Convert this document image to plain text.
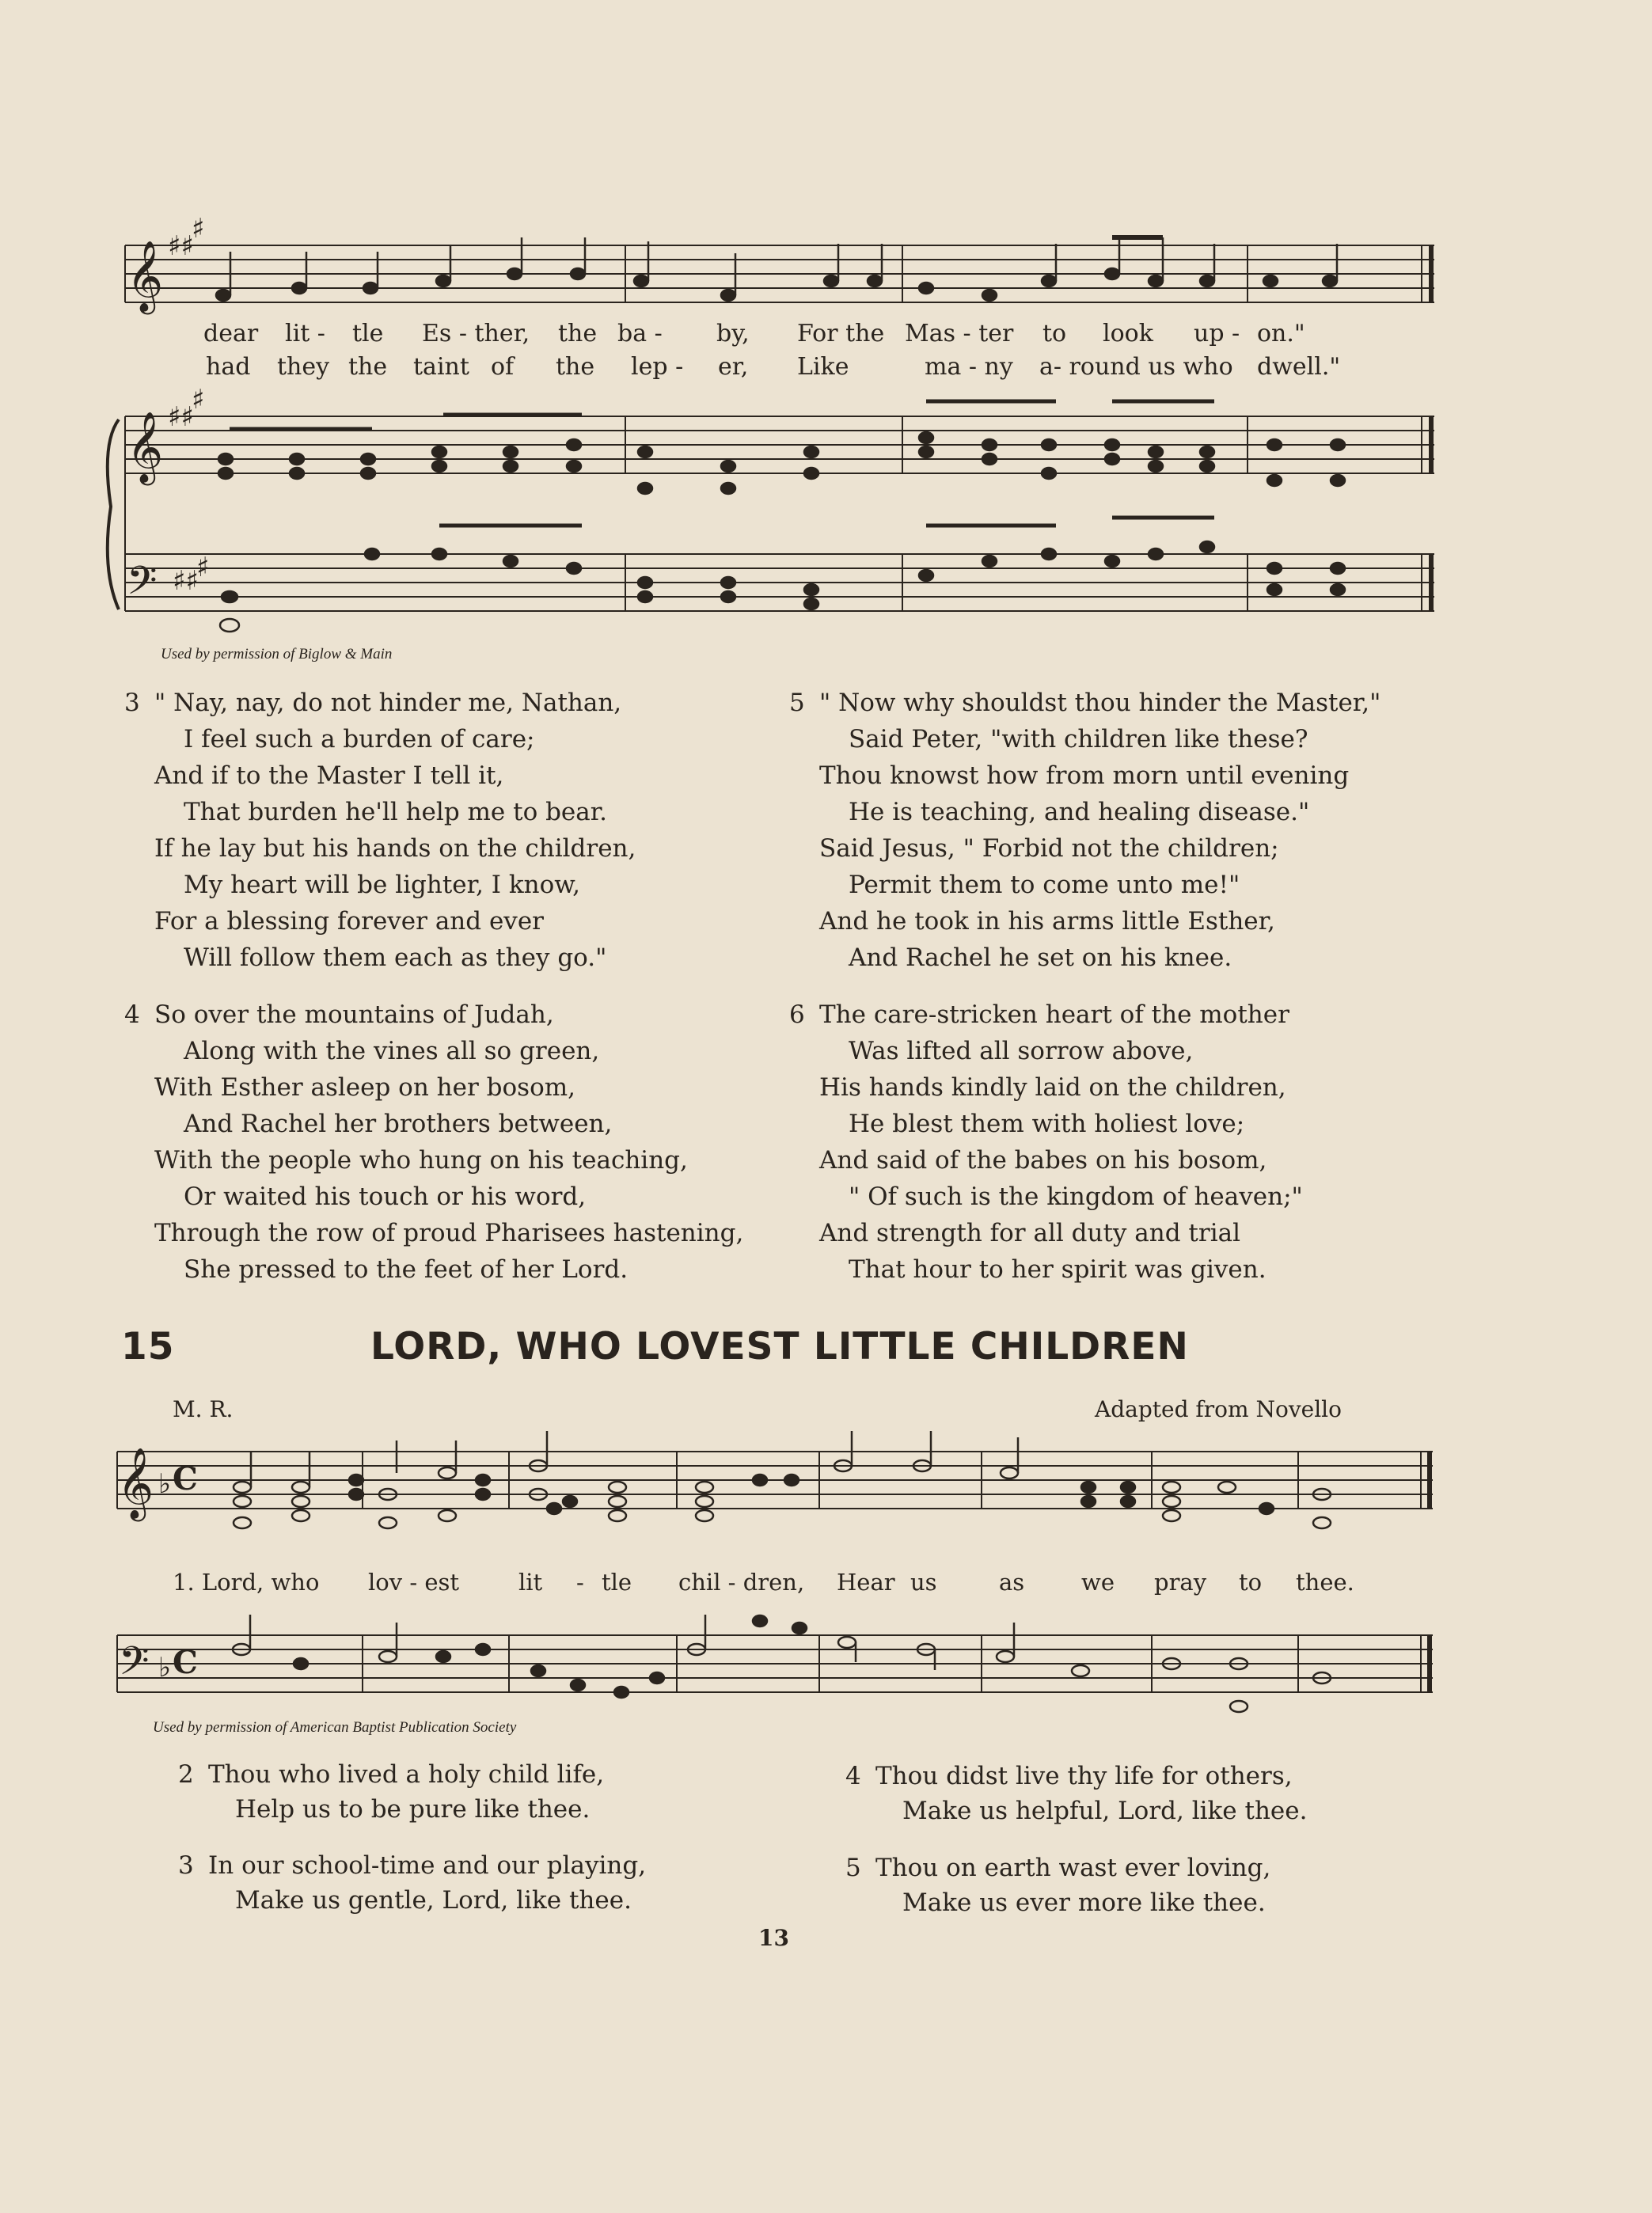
𝄞 ♯♯
♯
𝄞 ♯♯
♯
𝄢 ♯♯
♯
dear lit - tle Es - ther, the ba - by, For the Mas - ter to look up - on."
had they the taint of the lep - er, Like	ma - ny a- round us who dwell."
Used by permission of Biglow & Main
3 " Nay, nay, do not hinder me, Nathan,
I feel such a burden of care;
And if to the Master I tell it,
That burden he'll help me to bear.
If he lay but his hands on the children,
My heart will be lighter, I know,
For a blessing forever and ever
Will follow them each as they go."
4 So over the mountains of Judah,
Along with the vines all so green,
With Esther asleep on her bosom,
And Rachel her brothers between,
With the people who hung on his teaching,
Or waited his touch or his word,
Through the row of proud Pharisees hastening,
She pressed to the feet of her Lord.
5 " Now why shouldst thou hinder the Master,"
Said Peter, "with children like these?
Thou knowst how from morn until evening
He is teaching, and healing disease."
Said Jesus, " Forbid not the children;
Permit them to come unto me!"
And he took in his arms little Esther,
And Rachel he set on his knee.
6 The care-stricken heart of the mother
Was lifted all sorrow above,
His hands kindly laid on the children,
He blest them with holiest love;
And said of the babes on his bosom,
" Of such is the kingdom of heaven;"
And strength for all duty and trial
That hour to her spirit was given.
15	LORD, WHO LOVEST LITTLE CHILDREN
M. R.	Adapted from Novello
𝄞 ♭ C
𝄢 ♭ C
1. Lord, who lov - est	lit - tle chil - dren, Hear us	as we pray to thee.
Used by permission of American Baptist Publication Society
2 Thou who lived a holy child life,
Help us to be pure like thee.
3 In our school-time and our playing,
Make us gentle, Lord, like thee.
4 Thou didst live thy life for others,
Make us helpful, Lord, like thee.
5 Thou on earth wast ever loving,
Make us ever more like thee.
13
